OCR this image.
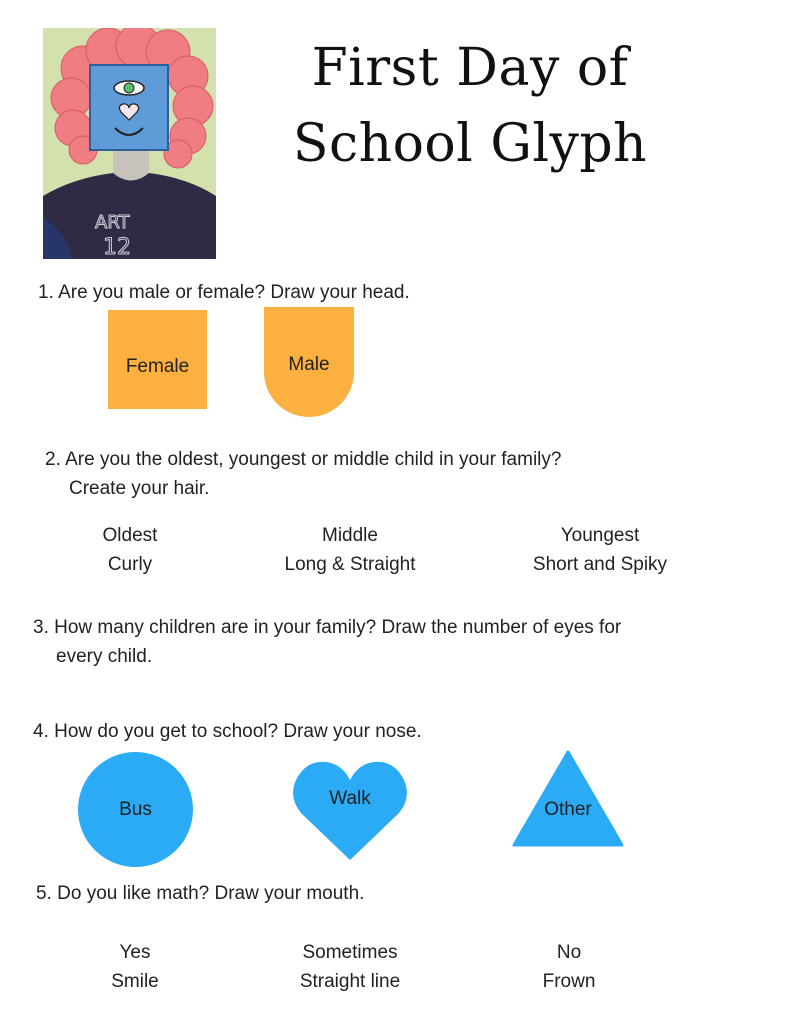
ART
12
First Day of
School Glyph
1. Are you male or female? Draw your head.
Female	Male
2. Are you the oldest, youngest or middle child in your family?
Create your hair.
Oldest
Curly
Middle
Long & Straight
Youngest
Short and Spiky
3. How many children are in your family? Draw the number of eyes for
every child.
4. How do you get to school? Draw your nose.
Bus
Walk
Other
5. Do you like math? Draw your mouth.
Yes
Smile
Sometimes
Straight line
No
Frown
